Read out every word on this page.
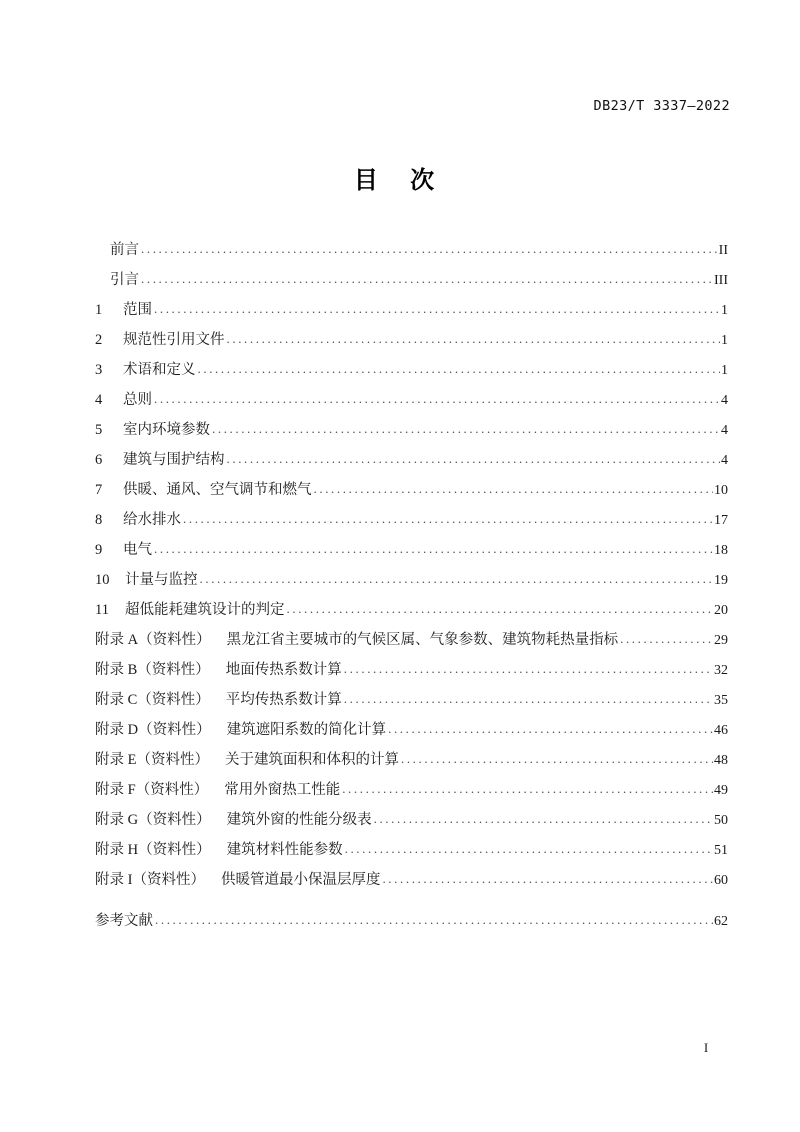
DB23/T 3337—2022
目 次
前言 .....	II
引言 .....	III
1	范围 .....	1
2	规范性引用文件 .....	1
3	术语和定义 .....	1
4	总则 .....	4
5	室内环境参数 .....	4
6	建筑与围护结构 .....	4
7	供暖、通风、空气调节和燃气 .....	10
8	给水排水 .....	17
9	电气 .....	18
10 计量与监控 .....	19
11 超低能耗建筑设计的判定 .....	20
附录 A（资料性） 黑龙江省主要城市的气候区属、气象参数、建筑物耗热量指标 .....	29
附录 B（资料性） 地面传热系数计算 .....	32
附录 C（资料性） 平均传热系数计算 .....	35
附录 D（资料性） 建筑遮阳系数的简化计算 .....	46
附录 E（资料性） 关于建筑面积和体积的计算 .....	48
附录 F（资料性） 常用外窗热工性能 .....	49
附录 G（资料性） 建筑外窗的性能分级表 .....	50
附录 H（资料性） 建筑材料性能参数 .....	51
附录 I（资料性） 供暖管道最小保温层厚度 .....	60
参考文献 .....	62
I
